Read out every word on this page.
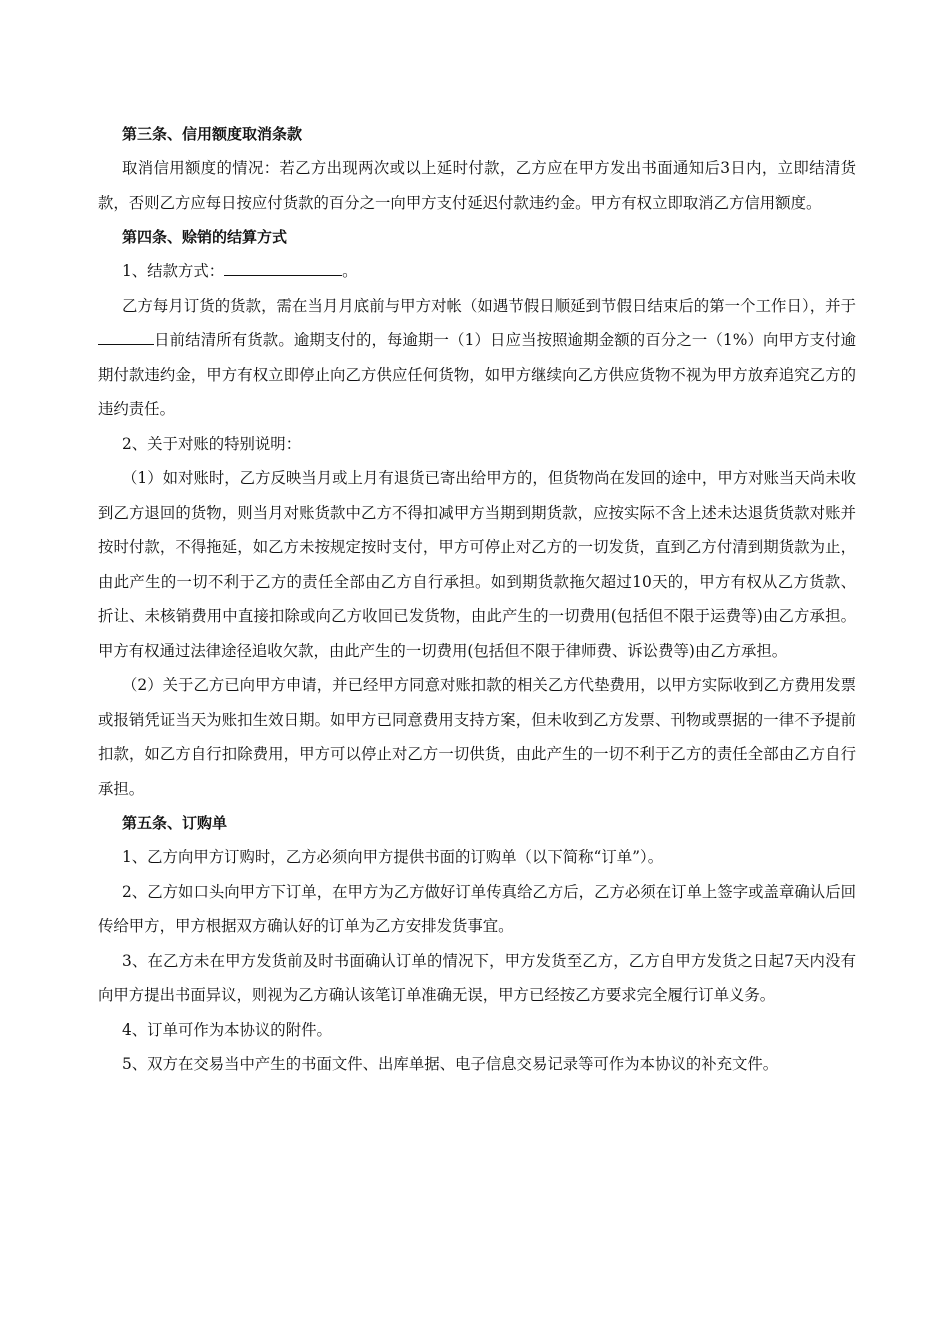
第三条、信用额度取消条款

取消信用额度的情况：若乙方出现两次或以上延时付款，乙方应在甲方发出书面通知后3日内，立即结清货款，否则乙方应每日按应付货款的百分之一向甲方支付延迟付款违约金。甲方有权立即取消乙方信用额度。

第四条、赊销的结算方式

1、结款方式：	。

乙方每月订货的货款，需在当月月底前与甲方对帐（如遇节假日顺延到节假日结束后的第一个工作日），并于日前结清所有货款。逾期支付的，每逾期一（1）日应当按照逾期金额的百分之一（1%）向甲方支付逾期付款违约金，甲方有权立即停止向乙方供应任何货物，如甲方继续向乙方供应货物不视为甲方放弃追究乙方的违约责任。

2、关于对账的特别说明：

（1）如对账时，乙方反映当月或上月有退货已寄出给甲方的，但货物尚在发回的途中，甲方对账当天尚未收到乙方退回的货物，则当月对账货款中乙方不得扣减甲方当期到期货款，应按实际不含上述未达退货货款对账并按时付款，不得拖延，如乙方未按规定按时支付，甲方可停止对乙方的一切发货，直到乙方付清到期货款为止，由此产生的一切不利于乙方的责任全部由乙方自行承担。如到期货款拖欠超过10天的，甲方有权从乙方货款、折让、未核销费用中直接扣除或向乙方收回已发货物，由此产生的一切费用(包括但不限于运费等)由乙方承担。甲方有权通过法律途径追收欠款，由此产生的一切费用(包括但不限于律师费、诉讼费等)由乙方承担。

（2）关于乙方已向甲方申请，并已经甲方同意对账扣款的相关乙方代垫费用，以甲方实际收到乙方费用发票或报销凭证当天为账扣生效日期。如甲方已同意费用支持方案，但未收到乙方发票、刊物或票据的一律不予提前扣款，如乙方自行扣除费用，甲方可以停止对乙方一切供货，由此产生的一切不利于乙方的责任全部由乙方自行承担。

第五条、订购单

1、乙方向甲方订购时，乙方必须向甲方提供书面的订购单（以下简称“订单”）。

2、乙方如口头向甲方下订单，在甲方为乙方做好订单传真给乙方后，乙方必须在订单上签字或盖章确认后回传给甲方，甲方根据双方确认好的订单为乙方安排发货事宜。

3、在乙方未在甲方发货前及时书面确认订单的情况下，甲方发货至乙方，乙方自甲方发货之日起7天内没有向甲方提出书面异议，则视为乙方确认该笔订单准确无误，甲方已经按乙方要求完全履行订单义务。

4、订单可作为本协议的附件。

5、双方在交易当中产生的书面文件、出库单据、电子信息交易记录等可作为本协议的补充文件。
